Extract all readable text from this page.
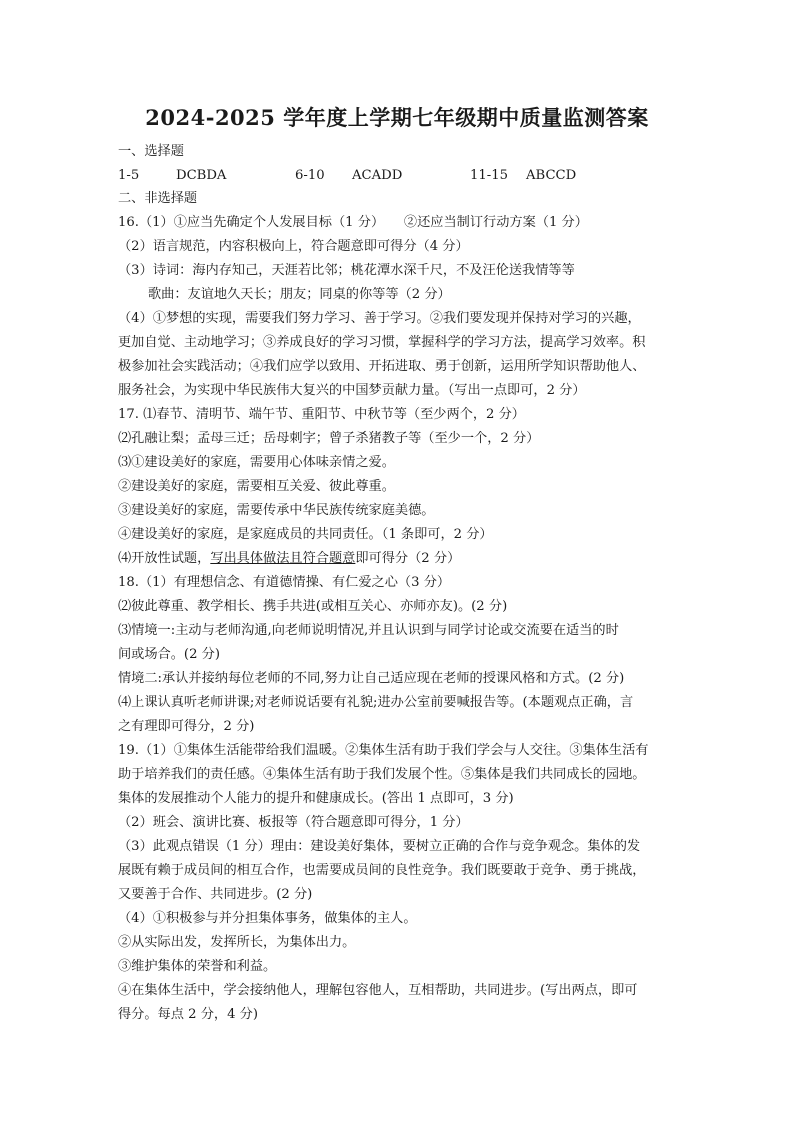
2024-2025 学年度上学期七年级期中质量监测答案
一、选择题
1-5	DCBDA	6-10 ACADD	11-15 ABCCD
二、非选择题
16.（1）①应当先确定个人发展目标（1 分）　　②还应当制订行动方案（1 分）
（2）语言规范，内容积极向上，符合题意即可得分（4 分）
（3）诗词：海内存知己，天涯若比邻；桃花潭水深千尺，不及汪伦送我情等等
歌曲：友谊地久天长；朋友；同桌的你等等（2 分）
（4）①梦想的实现，需要我们努力学习、善于学习。②我们要发现并保持对学习的兴趣，
更加自觉、主动地学习；③养成良好的学习习惯，掌握科学的学习方法，提高学习效率。积
极参加社会实践活动；④我们应学以致用、开拓进取、勇于创新，运用所学知识帮助他人、
服务社会，为实现中华民族伟大复兴的中国梦贡献力量。（写出一点即可，2 分）
17. ⑴春节、清明节、端午节、重阳节、中秋节等（至少两个，2 分）
⑵孔融让梨；孟母三迁；岳母刺字；曾子杀猪教子等（至少一个，2 分）
⑶①建设美好的家庭，需要用心体味亲情之爱。
②建设美好的家庭，需要相互关爱、彼此尊重。
③建设美好的家庭，需要传承中华民族传统家庭美德。
④建设美好的家庭，是家庭成员的共同责任。（1 条即可，2 分）
⑷开放性试题，写出具体做法且符合题意即可得分（2 分）
18.（1）有理想信念、有道德情操、有仁爱之心（3 分）
⑵彼此尊重、教学相长、携手共进(或相互关心、亦师亦友)。(2 分)
⑶情境一:主动与老师沟通,向老师说明情况,并且认识到与同学讨论或交流要在适当的时
间或场合。(2 分)
情境二:承认并接纳每位老师的不同,努力让自己适应现在老师的授课风格和方式。(2 分)
⑷上课认真听老师讲课;对老师说话要有礼貌;进办公室前要喊报告等。(本题观点正确，言
之有理即可得分，2 分)
19.（1）①集体生活能带给我们温暖。②集体生活有助于我们学会与人交往。③集体生活有
助于培养我们的责任感。④集体生活有助于我们发展个性。⑤集体是我们共同成长的园地。
集体的发展推动个人能力的提升和健康成长。(答出 1 点即可，3 分)
（2）班会、演讲比赛、板报等（符合题意即可得分，1 分）
（3）此观点错误（1 分）理由：建设美好集体，要树立正确的合作与竞争观念。集体的发
展既有赖于成员间的相互合作，也需要成员间的良性竞争。我们既要敢于竞争、勇于挑战，
又要善于合作、共同进步。(2 分)
（4）①积极参与并分担集体事务，做集体的主人。
②从实际出发，发挥所长，为集体出力。
③维护集体的荣誉和利益。
④在集体生活中，学会接纳他人，理解包容他人，互相帮助，共同进步。(写出两点，即可
得分。每点 2 分，4 分)
